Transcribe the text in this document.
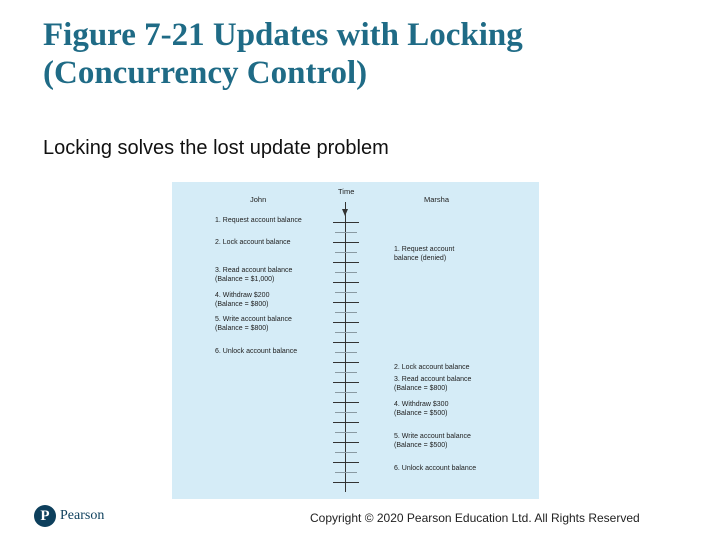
Figure 7-21 Updates with Locking (Concurrency Control)

Locking solves the lost update problem

John
Time
Marsha
1. Request account balance
2. Lock account balance
3. Read account balance
(Balance = $1,000)
4. Withdraw $200
(Balance = $800)
5. Write account balance
(Balance = $800)
6. Unlock account balance
1. Request account
balance (denied)
2. Lock account balance
3. Read account balance
(Balance = $800)
4. Withdraw $300
(Balance = $500)
5. Write account balance
(Balance = $500)
6. Unlock account balance
P Pearson	Copyright © 2020 Pearson Education Ltd. All Rights Reserved
